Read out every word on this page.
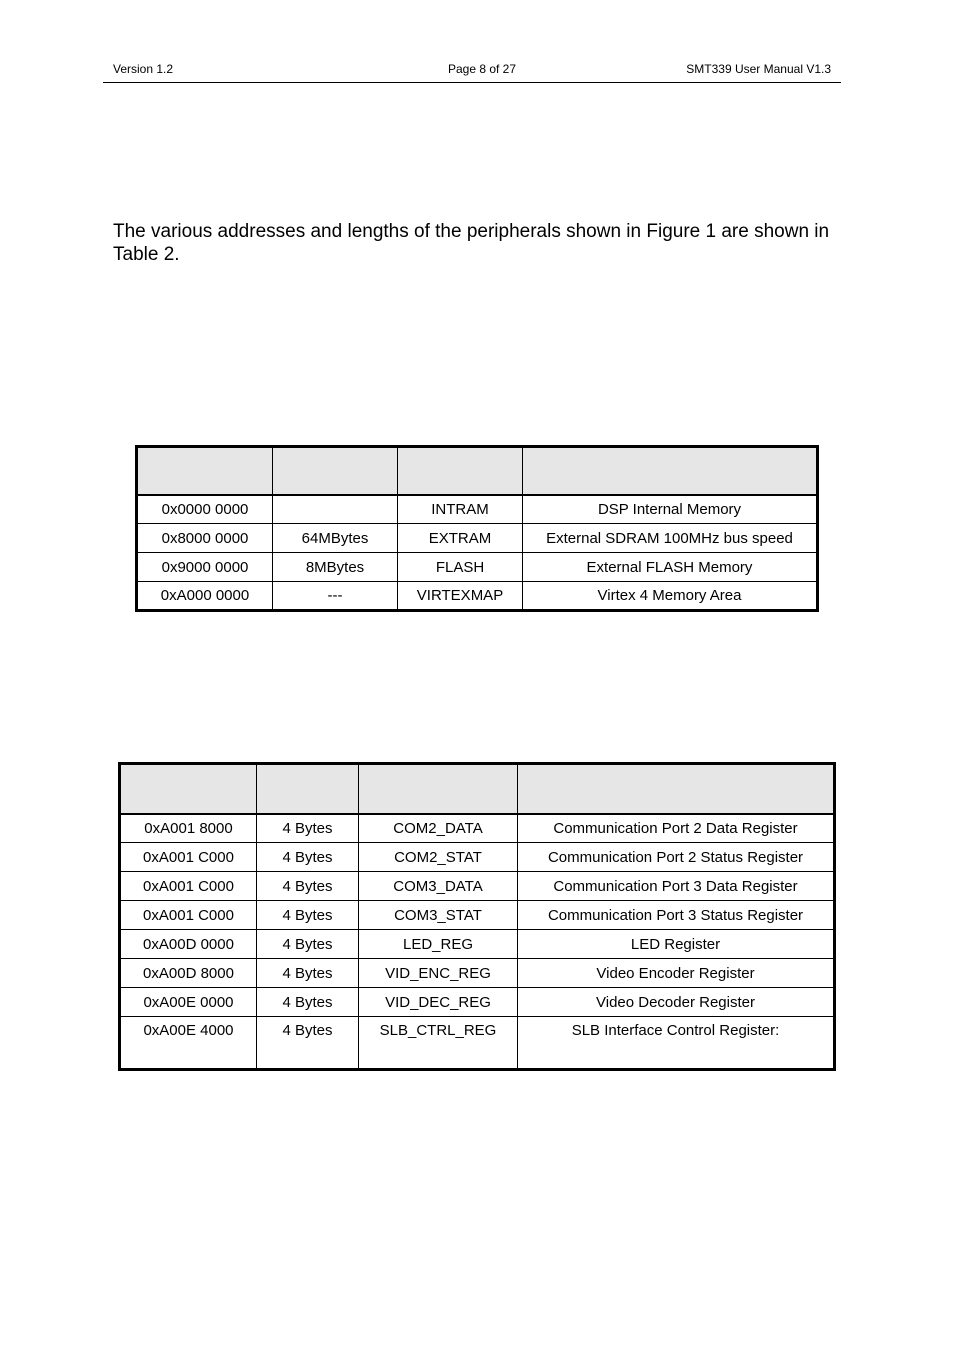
Version 1.2	Page 8 of 27	SMT339 User Manual V1.3
The various addresses and lengths of the peripherals shown in Figure 1 are shown in Table 2.

0x0000 0000		INTRAM	DSP Internal Memory
0x8000 0000	64MBytes	EXTRAM	External SDRAM 100MHz bus speed
0x9000 0000	8MBytes	FLASH	External FLASH Memory
0xA000 0000	---	VIRTEXMAP	Virtex 4 Memory Area

0xA001 8000	4 Bytes	COM2_DATA	Communication Port 2 Data Register
0xA001 C000	4 Bytes	COM2_STAT	Communication Port 2 Status Register
0xA001 C000	4 Bytes	COM3_DATA	Communication Port 3 Data Register
0xA001 C000	4 Bytes	COM3_STAT	Communication Port 3 Status Register
0xA00D 0000	4 Bytes	LED_REG	LED Register
0xA00D 8000	4 Bytes	VID_ENC_REG	Video Encoder Register
0xA00E 0000	4 Bytes	VID_DEC_REG	Video Decoder Register
0xA00E 4000	4 Bytes	SLB_CTRL_REG	SLB Interface Control Register:
